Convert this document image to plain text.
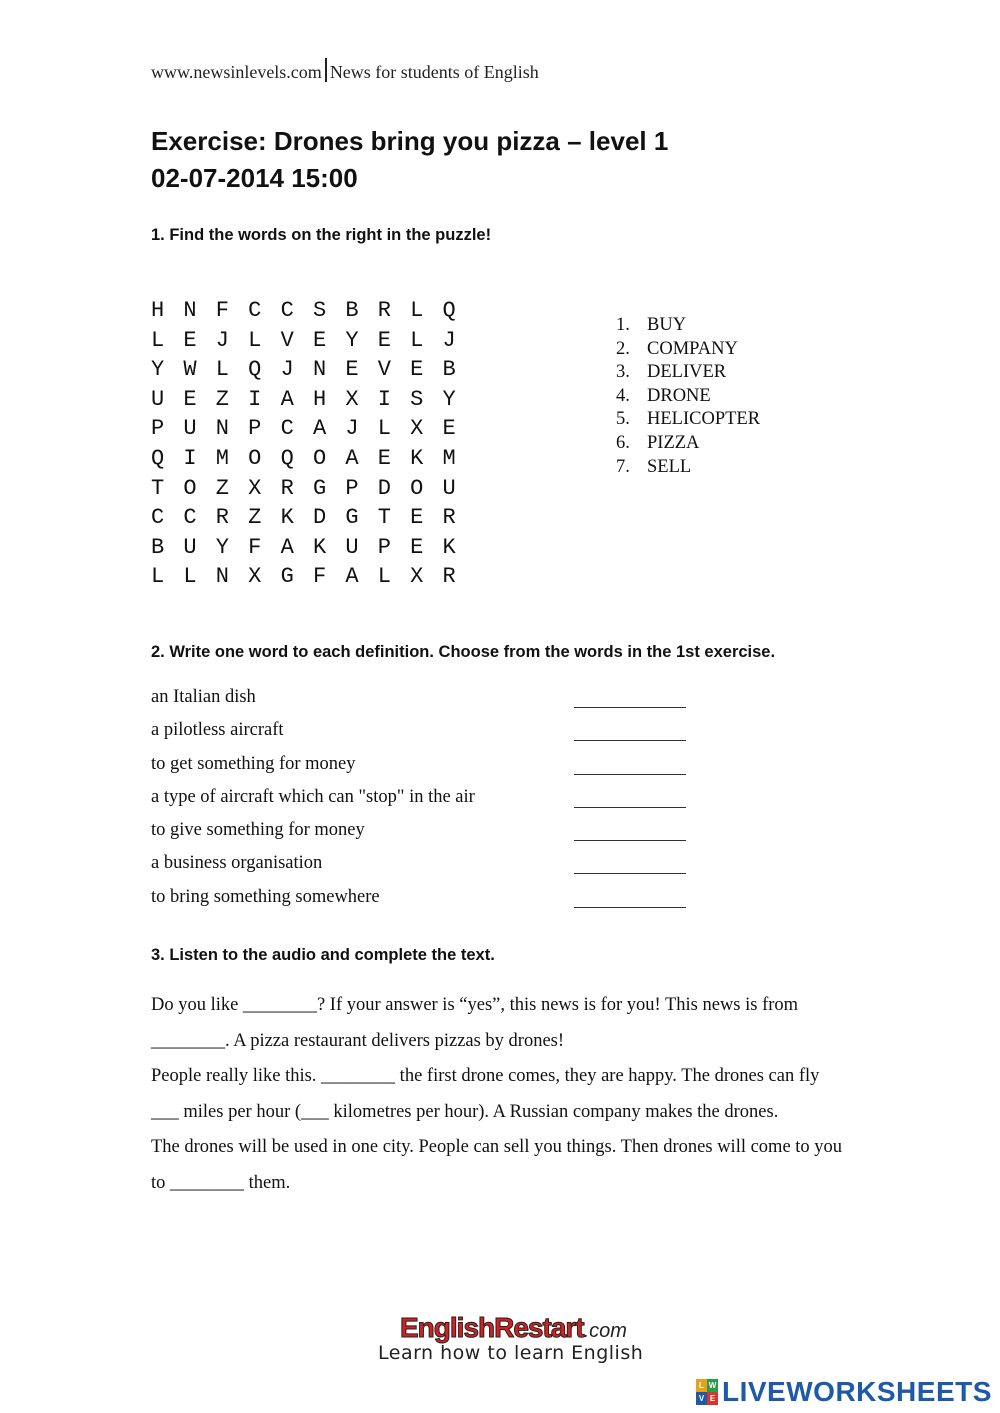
www.newsinlevels.com News for students of English
Exercise: Drones bring you pizza – level 1
02-07-2014 15:00
1. Find the words on the right in the puzzle!
H N F C C S B R L Q
L E J L V E Y E L J
Y W L Q J N E V E B
U E Z I A H X I S Y
P U N P C A J L X E
Q I M O Q O A E K M
T O Z X R G P D O U
C C R Z K D G T E R
B U Y F A K U P E K
L L N X G F A L X R
1. BUY
2. COMPANY
3. DELIVER
4. DRONE
5. HELICOPTER
6. PIZZA
7. SELL
2. Write one word to each definition. Choose from the words in the 1st exercise.
an Italian dish
a pilotless aircraft
to get something for money
a type of aircraft which can "stop" in the air
to give something for money
a business organisation
to bring something somewhere
3. Listen to the audio and complete the text.

Do you like ________? If your answer is “yes”, this news is for you! This news is from ________. A pizza restaurant delivers pizzas by drones!

People really like this. ________ the first drone comes, they are happy. The drones can fly ___ miles per hour (___ kilometres per hour). A Russian company makes the drones.

The drones will be used in one city. People can sell you things. Then drones will come to you to ________ them.

EnglishRestart.com
Learn how to learn English
L W
V E LIVEWORKSHEETS
